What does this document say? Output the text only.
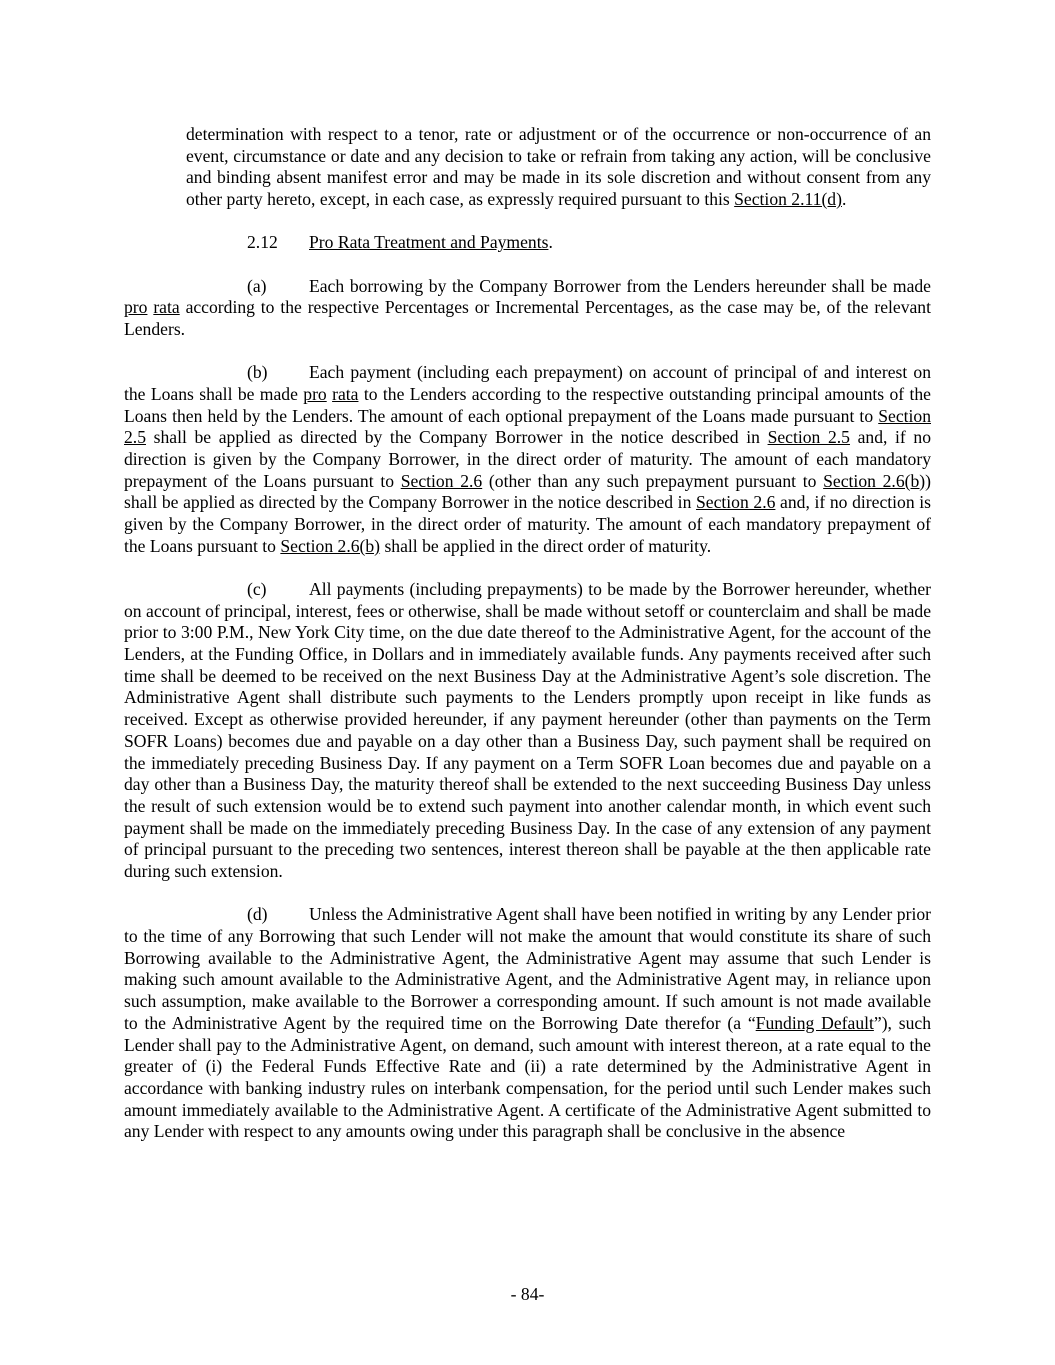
determination with respect to a tenor, rate or adjustment or of the occurrence or non-occurrence of an event, circumstance or date and any decision to take or refrain from taking any action, will be conclusive and binding absent manifest error and may be made in its sole discretion and without consent from any other party hereto, except, in each case, as expressly required pursuant to this Section 2.11(d).

2.12 Pro Rata Treatment and Payments.

(a) Each borrowing by the Company Borrower from the Lenders hereunder shall be made pro rata according to the respective Percentages or Incremental Percentages, as the case may be, of the relevant Lenders.

(b) Each payment (including each prepayment) on account of principal of and interest on the Loans shall be made pro rata to the Lenders according to the respective outstanding principal amounts of the Loans then held by the Lenders. The amount of each optional prepayment of the Loans made pursuant to Section 2.5 shall be applied as directed by the Company Borrower in the notice described in Section 2.5 and, if no direction is given by the Company Borrower, in the direct order of maturity. The amount of each mandatory prepayment of the Loans pursuant to Section 2.6 (other than any such prepayment pursuant to Section 2.6(b)) shall be applied as directed by the Company Borrower in the notice described in Section 2.6 and, if no direction is given by the Company Borrower, in the direct order of maturity. The amount of each mandatory prepayment of the Loans pursuant to Section 2.6(b) shall be applied in the direct order of maturity.

(c) All payments (including prepayments) to be made by the Borrower hereunder, whether on account of principal, interest, fees or otherwise, shall be made without setoff or counterclaim and shall be made prior to 3:00 P.M., New York City time, on the due date thereof to the Administrative Agent, for the account of the Lenders, at the Funding Office, in Dollars and in immediately available funds. Any payments received after such time shall be deemed to be received on the next Business Day at the Administrative Agent’s sole discretion. The Administrative Agent shall distribute such payments to the Lenders promptly upon receipt in like funds as received. Except as otherwise provided hereunder, if any payment hereunder (other than payments on the Term SOFR Loans) becomes due and payable on a day other than a Business Day, such payment shall be required on the immediately preceding Business Day. If any payment on a Term SOFR Loan becomes due and payable on a day other than a Business Day, the maturity thereof shall be extended to the next succeeding Business Day unless the result of such extension would be to extend such payment into another calendar month, in which event such payment shall be made on the immediately preceding Business Day. In the case of any extension of any payment of principal pursuant to the preceding two sentences, interest thereon shall be payable at the then applicable rate during such extension.

(d) Unless the Administrative Agent shall have been notified in writing by any Lender prior to the time of any Borrowing that such Lender will not make the amount that would constitute its share of such Borrowing available to the Administrative Agent, the Administrative Agent may assume that such Lender is making such amount available to the Administrative Agent, and the Administrative Agent may, in reliance upon such assumption, make available to the Borrower a corresponding amount. If such amount is not made available to the Administrative Agent by the required time on the Borrowing Date therefor (a “Funding Default”), such Lender shall pay to the Administrative Agent, on demand, such amount with interest thereon, at a rate equal to the greater of (i) the Federal Funds Effective Rate and (ii) a rate determined by the Administrative Agent in accordance with banking industry rules on interbank compensation, for the period until such Lender makes such amount immediately available to the Administrative Agent. A certificate of the Administrative Agent submitted to any Lender with respect to any amounts owing under this paragraph shall be conclusive in the absence

- 84-
